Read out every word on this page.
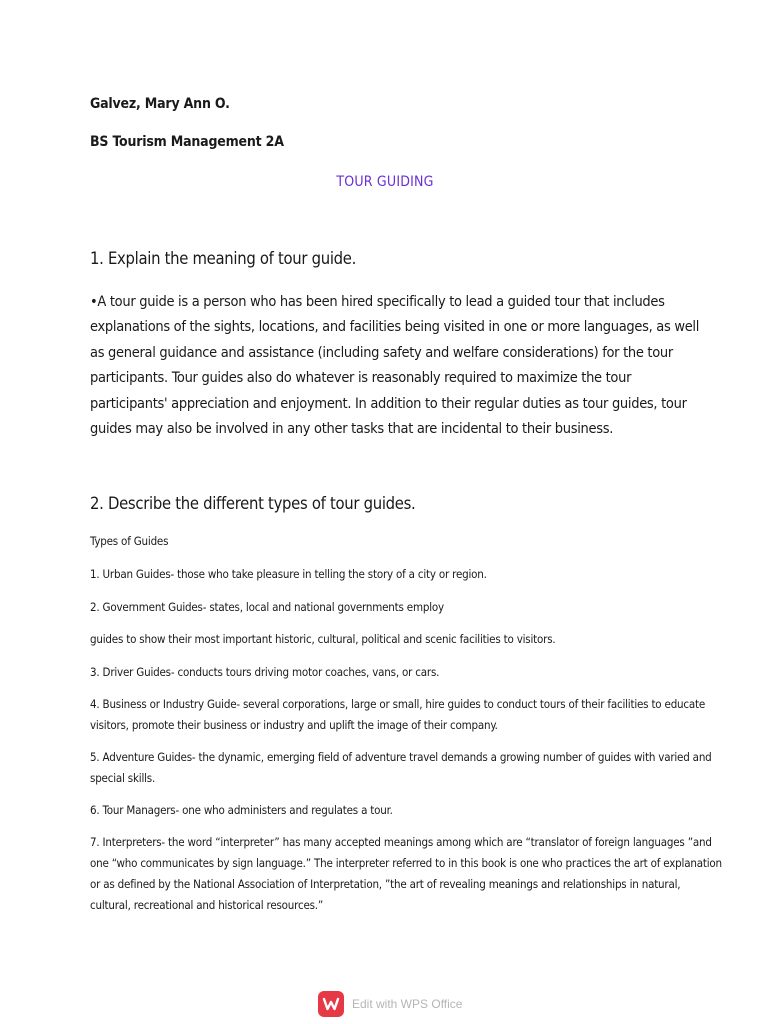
Galvez, Mary Ann O.

BS Tourism Management 2A

TOUR GUIDING

1. Explain the meaning of tour guide.

•A tour guide is a person who has been hired specifically to lead a guided tour that includes
explanations of the sights, locations, and facilities being visited in one or more languages, as well
as general guidance and assistance (including safety and welfare considerations) for the tour
participants. Tour guides also do whatever is reasonably required to maximize the tour
participants' appreciation and enjoyment. In addition to their regular duties as tour guides, tour
guides may also be involved in any other tasks that are incidental to their business.

2. Describe the different types of tour guides.

Types of Guides

1. Urban Guides- those who take pleasure in telling the story of a city or region.

2. Government Guides- states, local and national governments employ

guides to show their most important historic, cultural, political and scenic facilities to visitors.

3. Driver Guides- conducts tours driving motor coaches, vans, or cars.

4. Business or Industry Guide- several corporations, large or small, hire guides to conduct tours of their facilities to educate
visitors, promote their business or industry and uplift the image of their company.
5. Adventure Guides- the dynamic, emerging field of adventure travel demands a growing number of guides with varied and
special skills.

6. Tour Managers- one who administers and regulates a tour.

7. Interpreters- the word “interpreter” has many accepted meanings among which are “translator of foreign languages ”and
one “who communicates by sign language.” The interpreter referred to in this book is one who practices the art of explanation
or as defined by the National Association of Interpretation, ”the art of revealing meanings and relationships in natural,
cultural, recreational and historical resources.”
Edit with WPS Office
